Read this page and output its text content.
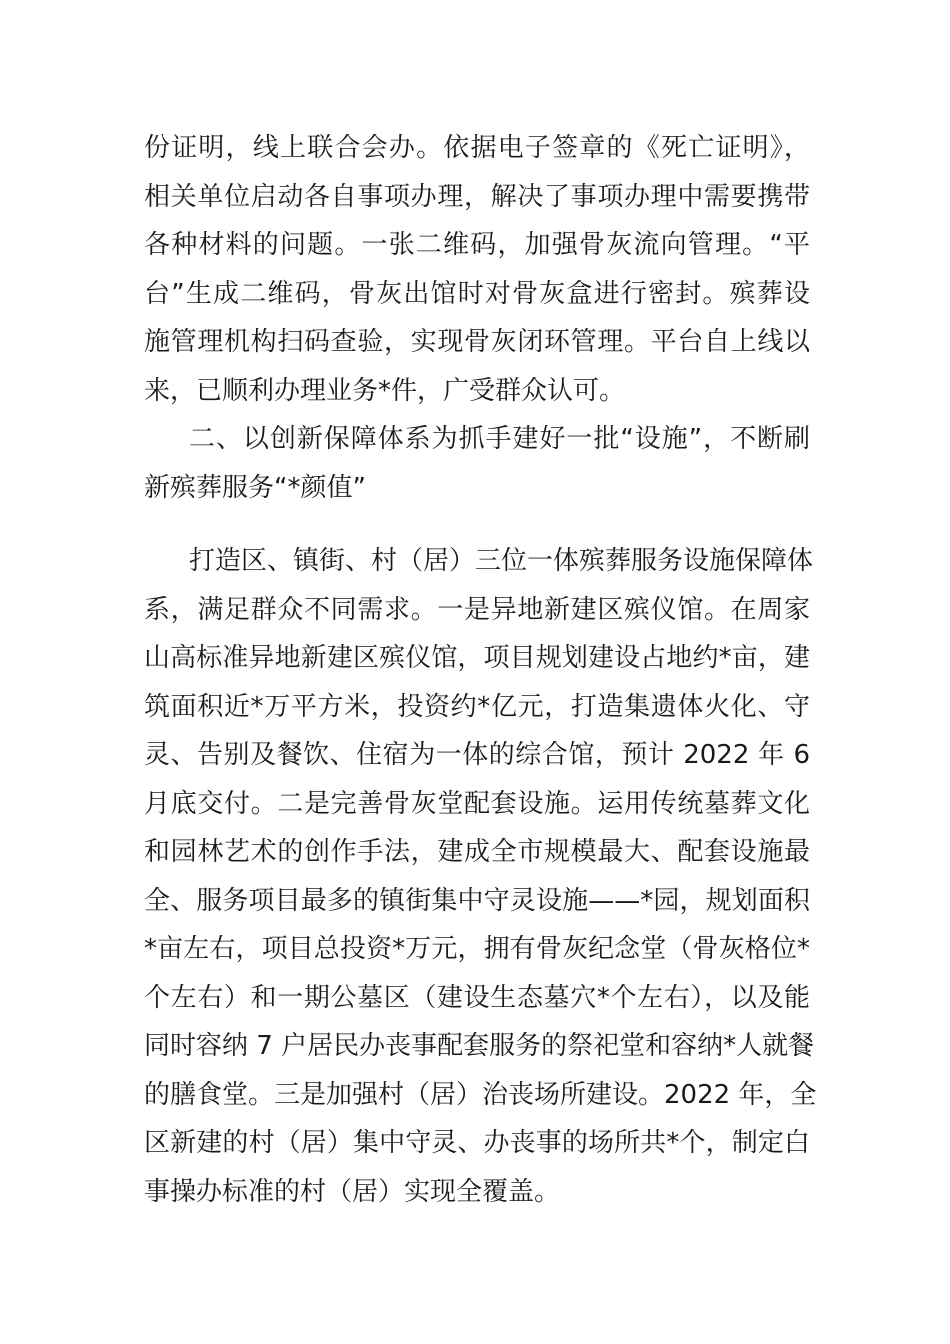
份证明，线上联合会办。依据电子签章的《死亡证明》，
相关单位启动各自事项办理，解决了事项办理中需要携带
各种材料的问题。一张二维码，加强骨灰流向管理。“平
台”生成二维码，骨灰出馆时对骨灰盒进行密封。殡葬设
施管理机构扫码查验，实现骨灰闭环管理。平台自上线以
来，已顺利办理业务*件，广受群众认可。
二、以创新保障体系为抓手建好一批“设施”，不断刷
新殡葬服务“*颜值”
打造区、镇街、村（居）三位一体殡葬服务设施保障体
系，满足群众不同需求。一是异地新建区殡仪馆。在周家
山高标准异地新建区殡仪馆，项目规划建设占地约*亩，建
筑面积近*万平方米，投资约*亿元，打造集遗体火化、守
灵、告别及餐饮、住宿为一体的综合馆，预计 2022 年 6
月底交付。二是完善骨灰堂配套设施。运用传统墓葬文化
和园林艺术的创作手法，建成全市规模最大、配套设施最
全、服务项目最多的镇街集中守灵设施——*园，规划面积
*亩左右，项目总投资*万元，拥有骨灰纪念堂（骨灰格位*
个左右）和一期公墓区（建设生态墓穴*个左右），以及能
同时容纳 7 户居民办丧事配套服务的祭祀堂和容纳*人就餐
的膳食堂。三是加强村（居）治丧场所建设。2022 年，全
区新建的村（居）集中守灵、办丧事的场所共*个，制定白
事操办标准的村（居）实现全覆盖。
